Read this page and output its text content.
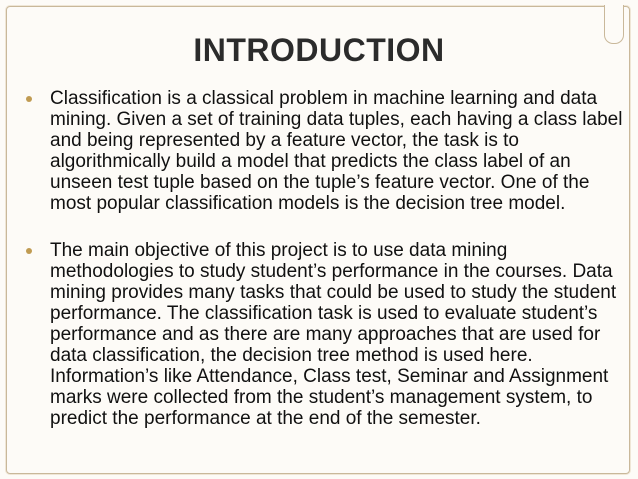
INTRODUCTION
Classification is a classical problem in machine learning and data mining. Given a set of training data tuples, each having a class label and being represented by a feature vector, the task is to algorithmically build a model that predicts the class label of an unseen test tuple based on the tuple’s feature vector. One of the most popular classification models is the decision tree model.
The main objective of this project is to use data mining methodologies to study student’s performance in the courses. Data mining provides many tasks that could be used to study the student performance. The classification task is used to evaluate student’s performance and as there are many approaches that are used for data classification, the decision tree method is used here. Information’s like Attendance, Class test, Seminar and Assignment marks were collected from the student’s management system, to predict the performance at the end of the semester.
